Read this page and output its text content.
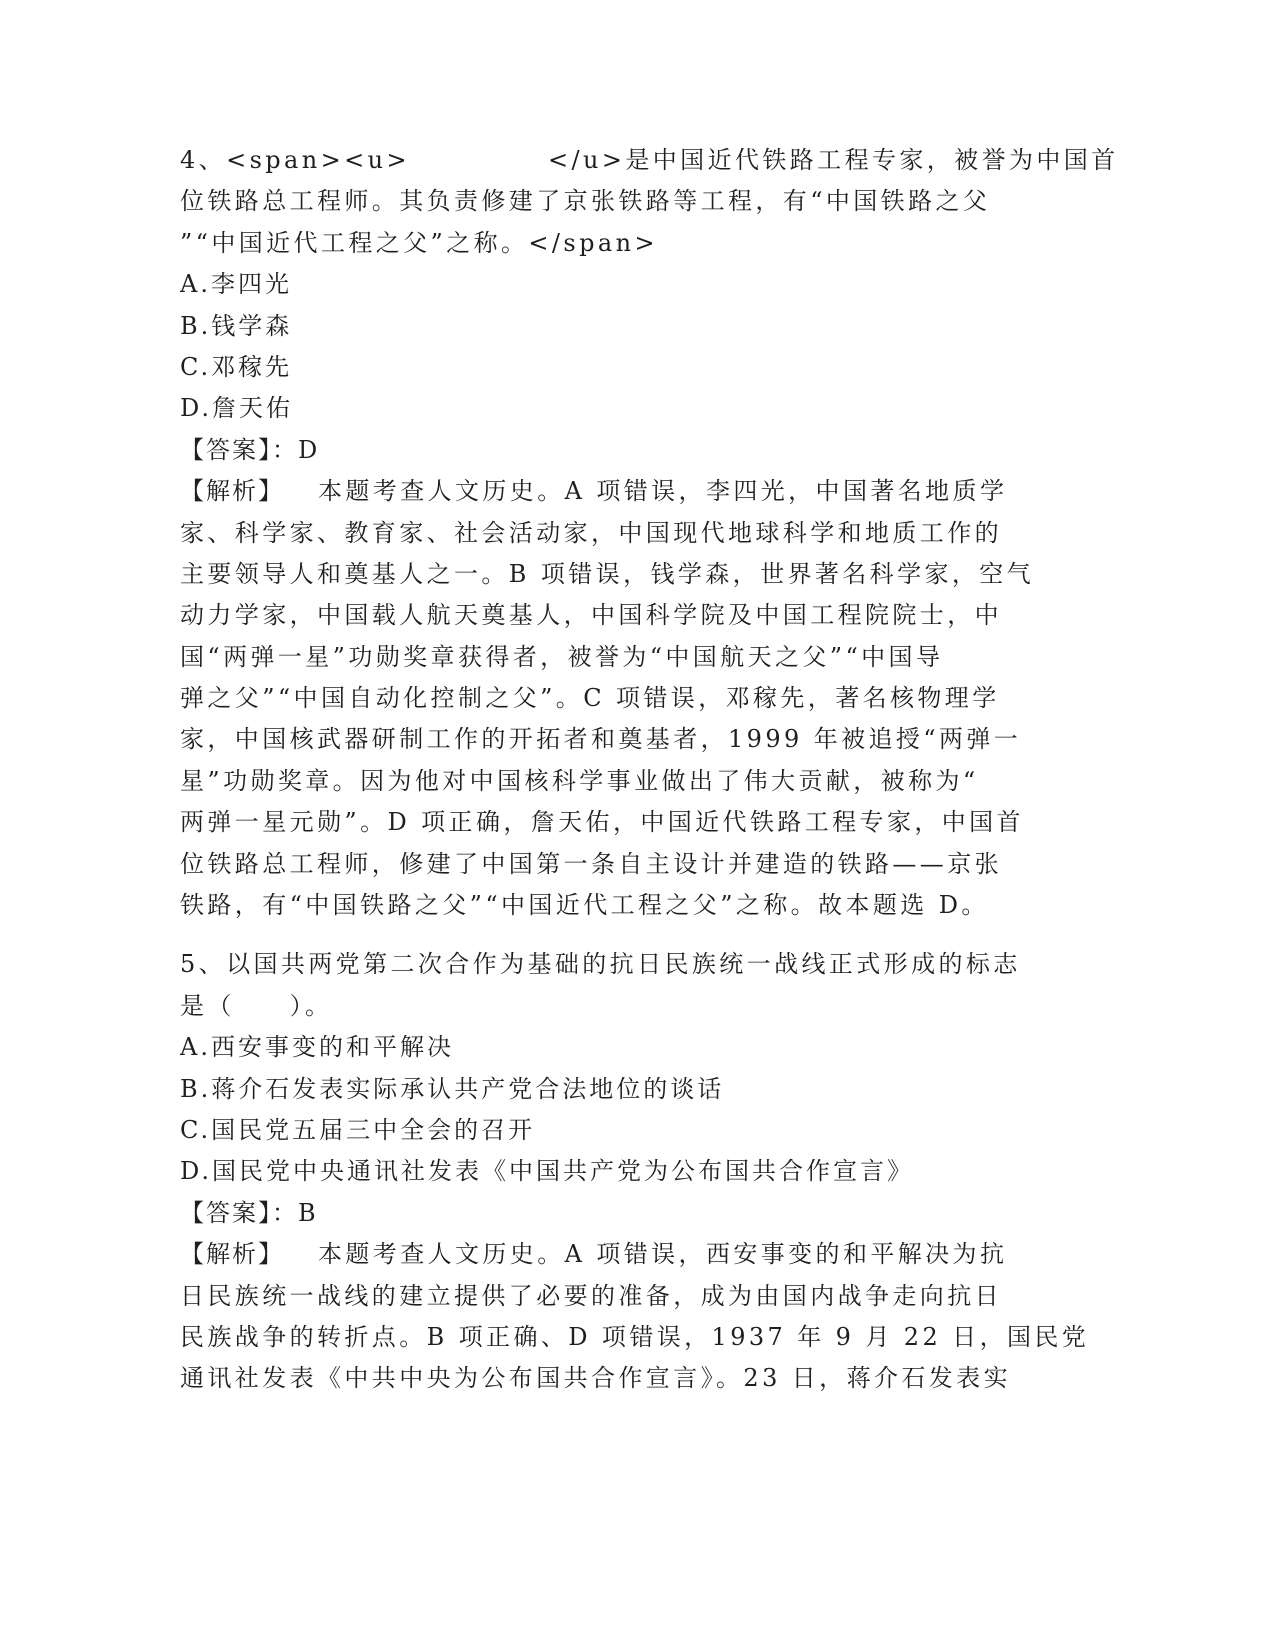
4、<span><u>	</u>是中国近代铁路工程专家，被誉为中国首
位铁路总工程师。其负责修建了京张铁路等工程，有“中国铁路之父
”“中国近代工程之父”之称。</span>
A.李四光
B.钱学森
C.邓稼先
D.詹天佑
【答案】：D
【解析】 本题考查人文历史。A 项错误，李四光，中国著名地质学
家、科学家、教育家、社会活动家，中国现代地球科学和地质工作的
主要领导人和奠基人之一。B 项错误，钱学森，世界著名科学家，空气
动力学家，中国载人航天奠基人，中国科学院及中国工程院院士，中
国“两弹一星”功勋奖章获得者，被誉为“中国航天之父”“中国导
弹之父”“中国自动化控制之父”。C 项错误，邓稼先，著名核物理学
家，中国核武器研制工作的开拓者和奠基者，1999 年被追授“两弹一
星”功勋奖章。因为他对中国核科学事业做出了伟大贡献，被称为“
两弹一星元勋”。D 项正确，詹天佑，中国近代铁路工程专家，中国首
位铁路总工程师，修建了中国第一条自主设计并建造的铁路——京张
铁路，有“中国铁路之父”“中国近代工程之父”之称。故本题选 D。
5、以国共两党第二次合作为基础的抗日民族统一战线正式形成的标志
是（　　）。
A.西安事变的和平解决
B.蒋介石发表实际承认共产党合法地位的谈话
C.国民党五届三中全会的召开
D.国民党中央通讯社发表《中国共产党为公布国共合作宣言》
【答案】：B
【解析】 本题考查人文历史。A 项错误，西安事变的和平解决为抗
日民族统一战线的建立提供了必要的准备，成为由国内战争走向抗日
民族战争的转折点。B 项正确、D 项错误，1937 年 9 月 22 日，国民党
通讯社发表《中共中央为公布国共合作宣言》。23 日，蒋介石发表实
